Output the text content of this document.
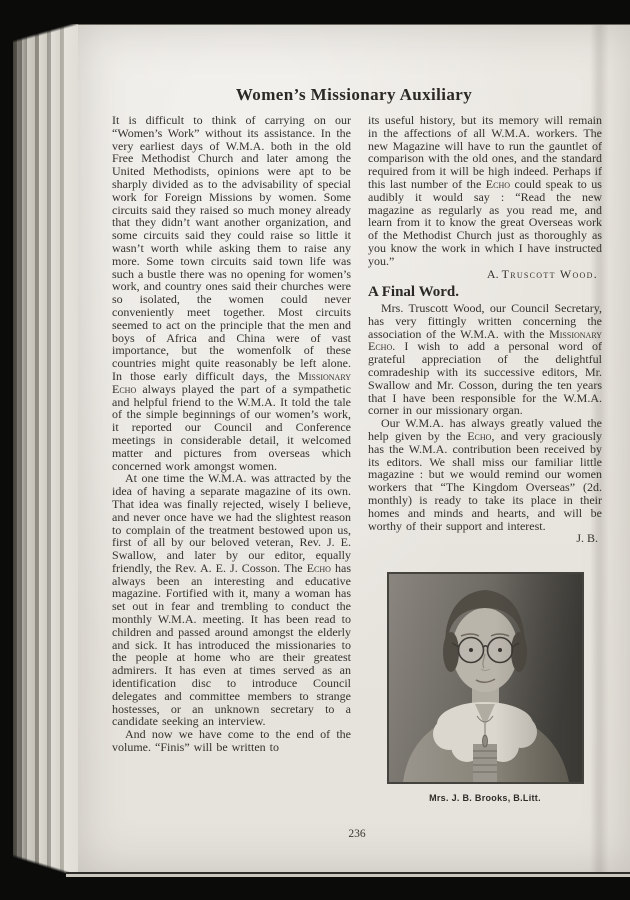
Women’s Missionary Auxiliary

It is difficult to think of carrying on our “Women’s Work” without its assistance. In the very earliest days of W.M.A. both in the old Free Methodist Church and later among the United Methodists, opinions were apt to be sharply divided as to the advisability of special work for Foreign Missions by women. Some circuits said they raised so much money already that they didn’t want another organization, and some circuits said they could raise so little it wasn’t worth while asking them to raise any more. Some town circuits said town life was such a bustle there was no opening for women’s work, and country ones said their churches were so isolated, the women could never conveniently meet together. Most circuits seemed to act on the principle that the men and boys of Africa and China were of vast importance, but the womenfolk of these countries might quite reasonably be left alone. In those early difficult days, the Missionary Echo always played the part of a sympathetic and helpful friend to the W.M.A. It told the tale of the simple beginnings of our women’s work, it reported our Council and Conference meetings in considerable detail, it welcomed matter and pictures from overseas which concerned work amongst women.

At one time the W.M.A. was attracted by the idea of having a separate magazine of its own. That idea was finally rejected, wisely I believe, and never once have we had the slightest reason to complain of the treatment bestowed upon us, first of all by our beloved veteran, Rev. J. E. Swallow, and later by our editor, equally friendly, the Rev. A. E. J. Cosson. The Echo has always been an interesting and educative magazine. Fortified with it, many a woman has set out in fear and trembling to conduct the monthly W.M.A. meeting. It has been read to children and passed around amongst the elderly and sick. It has introduced the missionaries to the people at home who are their greatest admirers. It has even at times served as an identification disc to introduce Council delegates and committee members to strange hostesses, or an unknown secretary to a candidate seeking an interview.

And now we have come to the end of the volume. “Finis” will be written to

its useful history, but its memory will remain in the affections of all W.M.A. workers. The new Magazine will have to run the gauntlet of comparison with the old ones, and the standard required from it will be high indeed. Perhaps if this last number of the Echo could speak to us audibly it would say : “Read the new magazine as regularly as you read me, and learn from it to know the great Overseas work of the Methodist Church just as thoroughly as you know the work in which I have instructed you.”

A. Truscott Wood.

A Final Word.

Mrs. Truscott Wood, our Council Secretary, has very fittingly written concerning the association of the W.M.A. with the Missionary Echo. I wish to add a personal word of grateful appreciation of the delightful comradeship with its successive editors, Mr. Swallow and Mr. Cosson, during the ten years that I have been responsible for the W.M.A. corner in our missionary organ.

Our W.M.A. has always greatly valued the help given by the Echo, and very graciously has the W.M.A. contribution been received by its editors. We shall miss our familiar little magazine : but we would remind our women workers that “The Kingdom Overseas” (2d. monthly) is ready to take its place in their homes and minds and hearts, and will be worthy of their support and interest.

J. B.

Mrs. J. B. Brooks, B.Litt.
236
